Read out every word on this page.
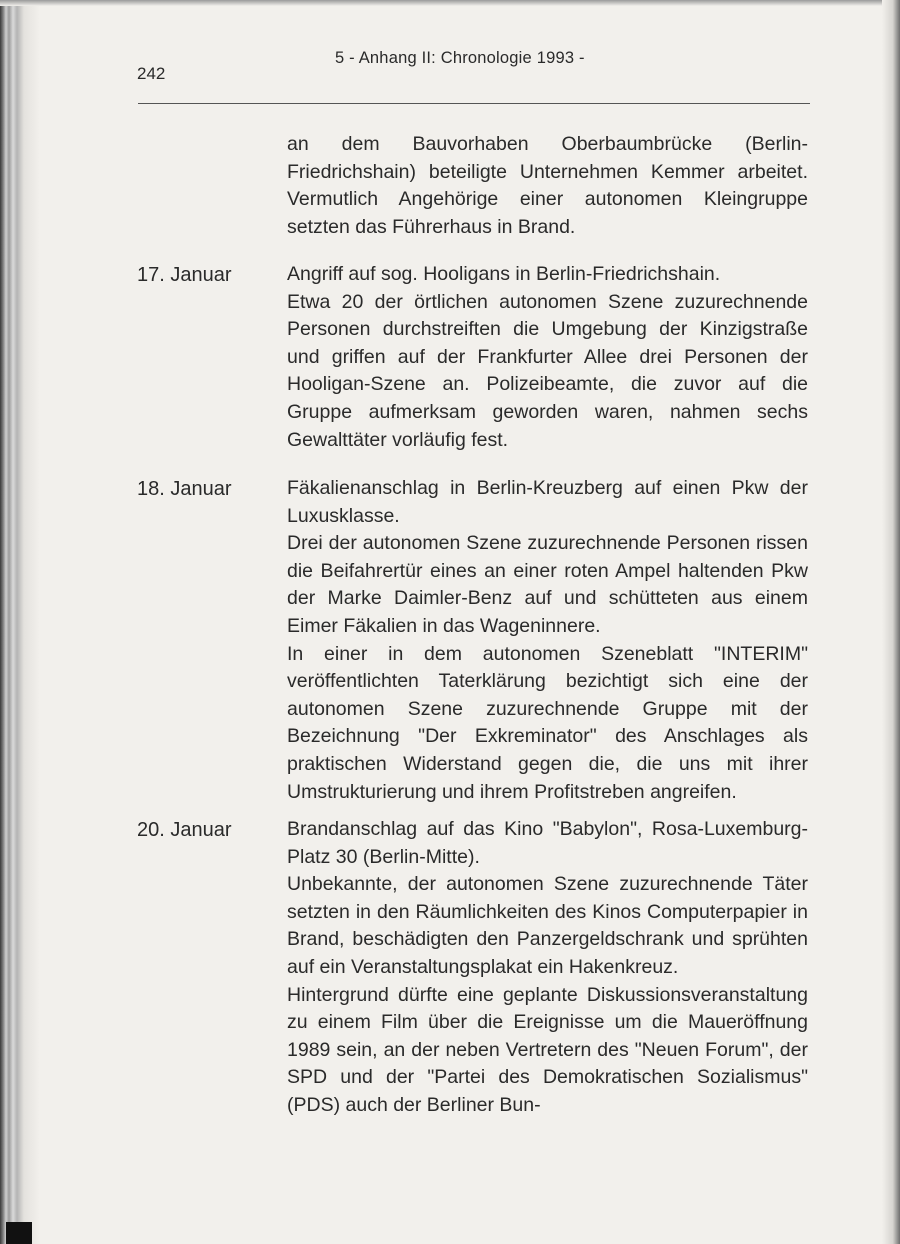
242
5 - Anhang II: Chronologie 1993 -

an dem Bauvorhaben Oberbaumbrücke (Berlin-Friedrichshain) beteiligte Unternehmen Kemmer arbeitet. Vermutlich Angehörige einer autonomen Kleingruppe setzten das Führerhaus in Brand.

17. Januar	Angriff auf sog. Hooligans in Berlin-Friedrichshain.

Etwa 20 der örtlichen autonomen Szene zuzurechnende Personen durchstreiften die Umgebung der Kinzigstraße und griffen auf der Frankfurter Allee drei Personen der Hooligan-Szene an. Polizeibeamte, die zuvor auf die Gruppe aufmerksam geworden waren, nahmen sechs Gewalttäter vorläufig fest.

18. Januar	Fäkalienanschlag in Berlin-Kreuzberg auf einen Pkw der Luxusklasse.

Drei der autonomen Szene zuzurechnende Personen rissen die Beifahrertür eines an einer roten Ampel haltenden Pkw der Marke Daimler-Benz auf und schütteten aus einem Eimer Fäkalien in das Wageninnere.

In einer in dem autonomen Szeneblatt "INTERIM" veröffentlichten Taterklärung bezichtigt sich eine der autonomen Szene zuzurechnende Gruppe mit der Bezeichnung "Der Exkreminator" des Anschlages als praktischen Widerstand gegen die, die uns mit ihrer Umstrukturierung und ihrem Profitstreben angreifen.

20. Januar	Brandanschlag auf das Kino "Babylon", Rosa-Luxemburg-Platz 30 (Berlin-Mitte).

Unbekannte, der autonomen Szene zuzurechnende Täter setzten in den Räumlichkeiten des Kinos Computerpapier in Brand, beschädigten den Panzergeldschrank und sprühten auf ein Veranstaltungsplakat ein Hakenkreuz.

Hintergrund dürfte eine geplante Diskussionsveranstaltung zu einem Film über die Ereignisse um die Maueröffnung 1989 sein, an der neben Vertretern des "Neuen Forum", der SPD und der "Partei des Demokratischen Sozialismus" (PDS) auch der Berliner Bun-
